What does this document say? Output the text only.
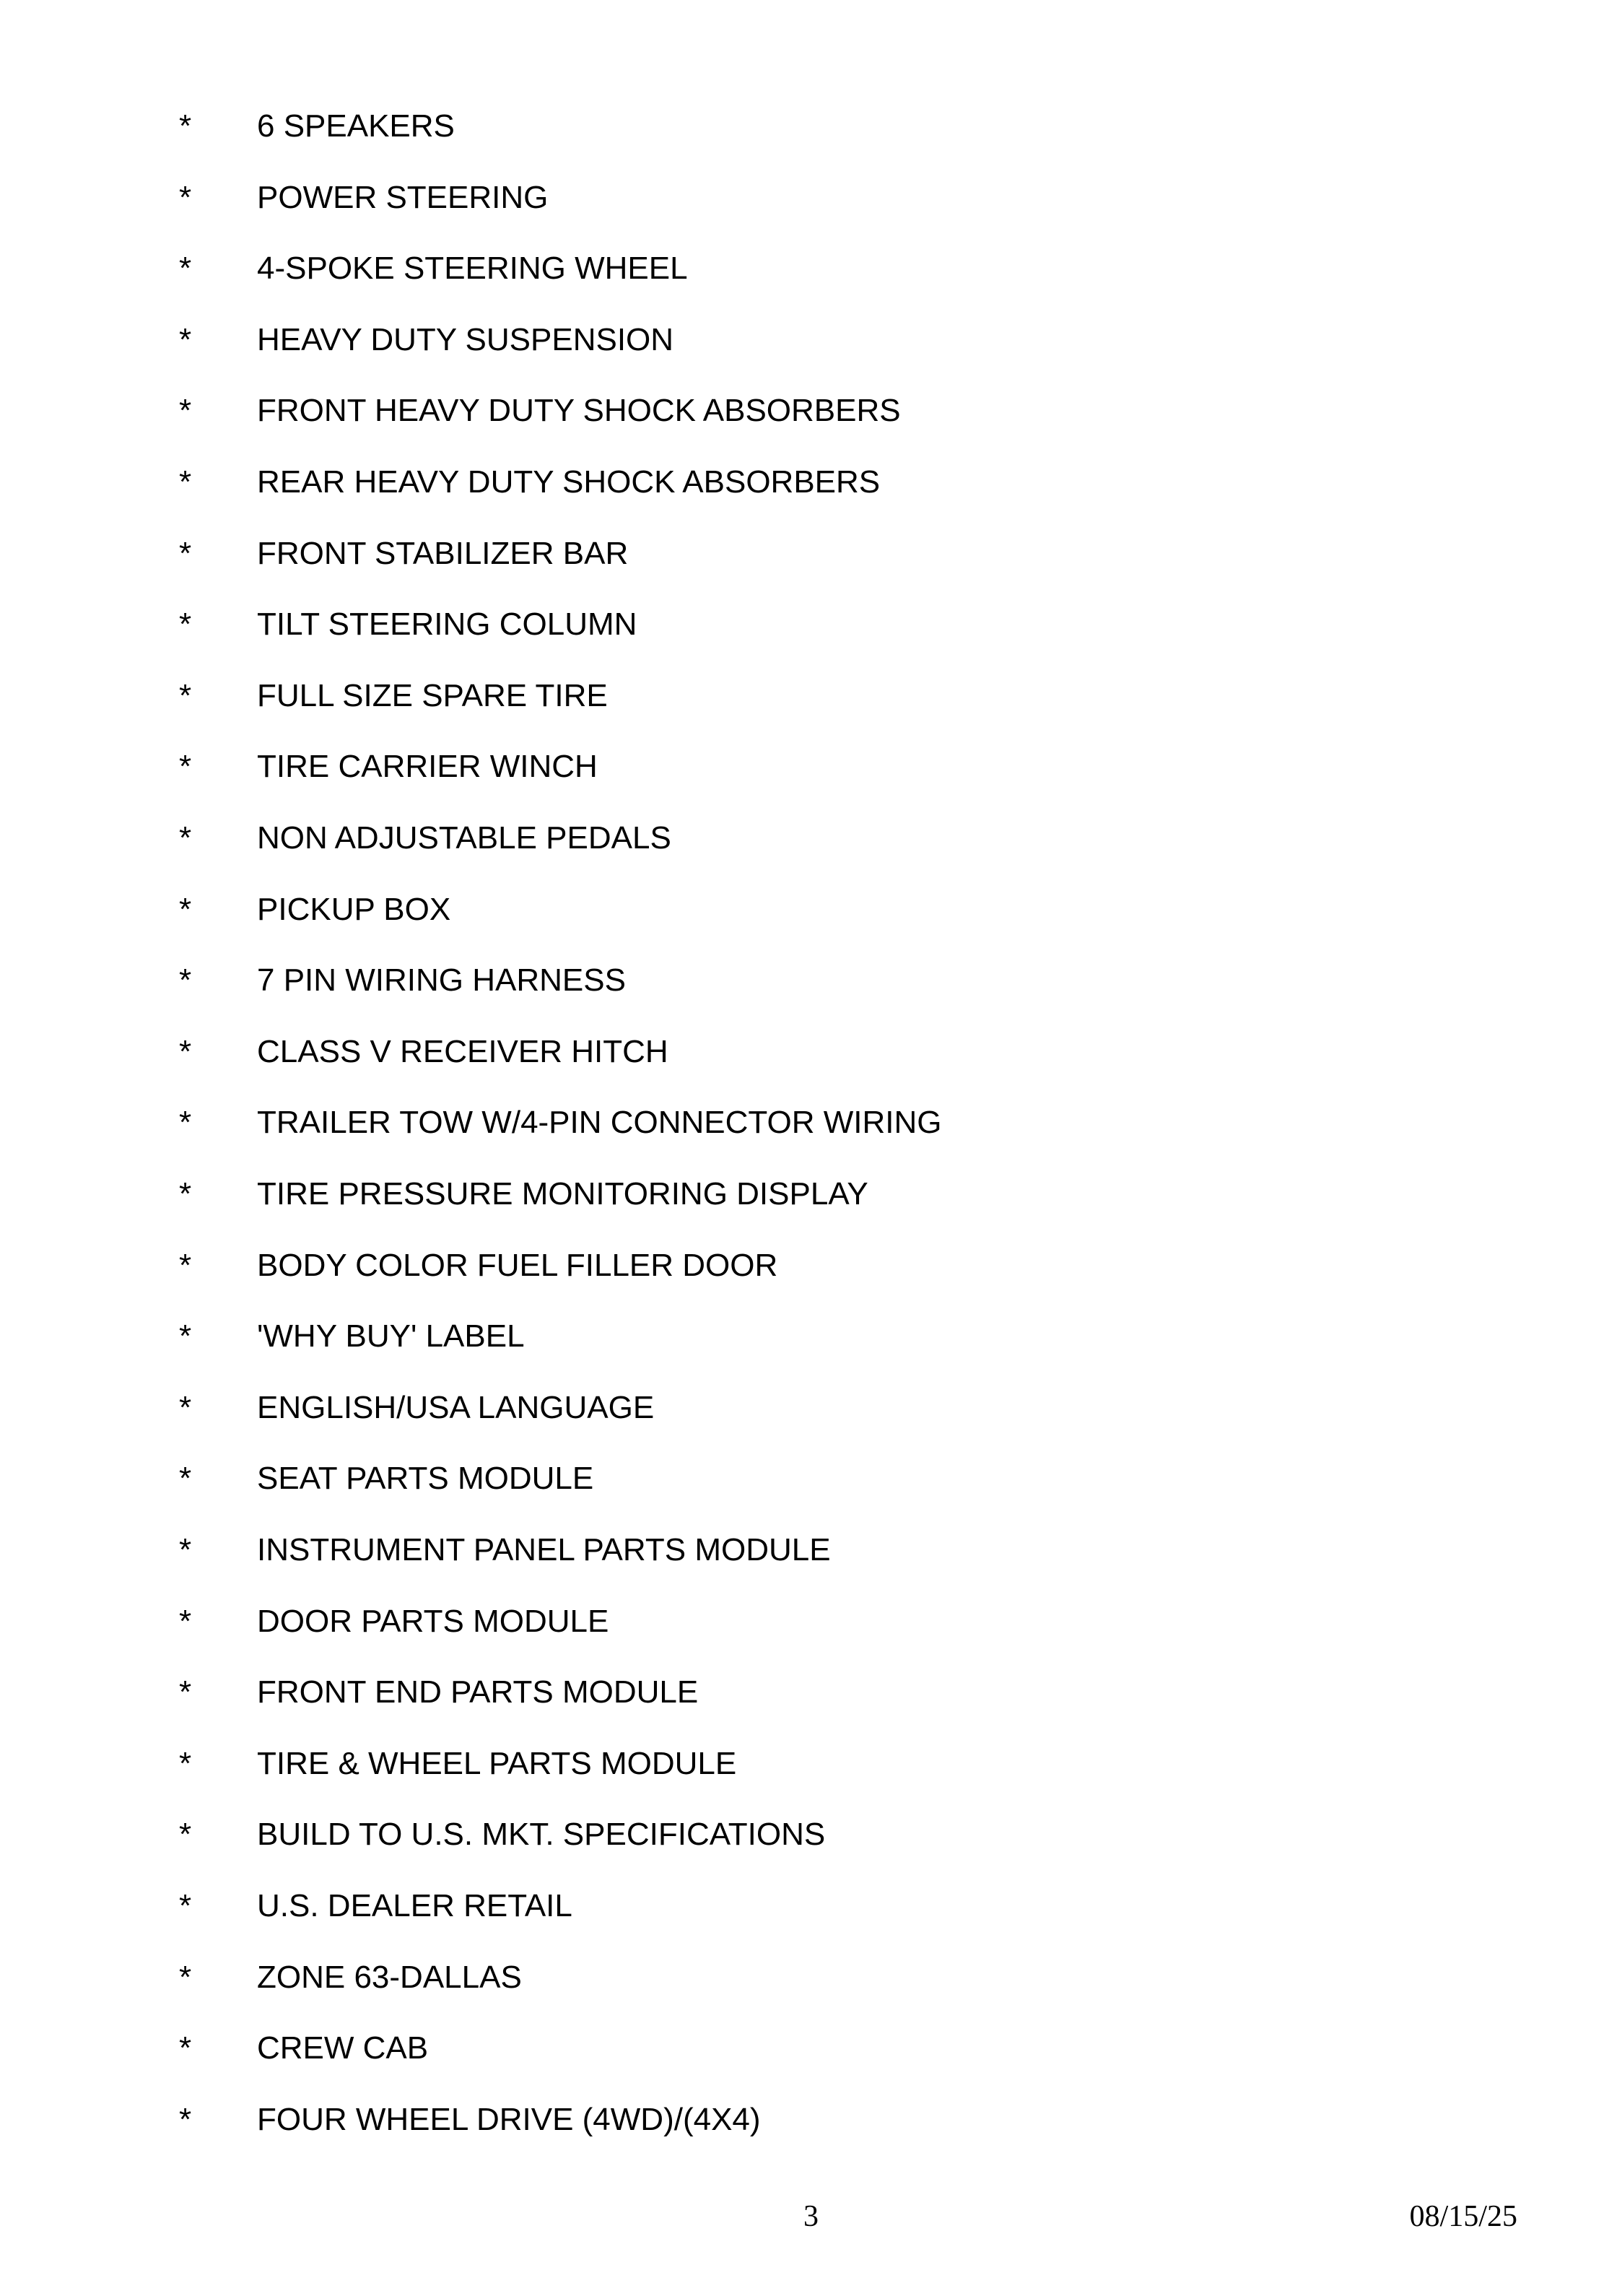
* 6 SPEAKERS
* POWER STEERING
* 4-SPOKE STEERING WHEEL
* HEAVY DUTY SUSPENSION
* FRONT HEAVY DUTY SHOCK ABSORBERS
* REAR HEAVY DUTY SHOCK ABSORBERS
* FRONT STABILIZER BAR
* TILT STEERING COLUMN
* FULL SIZE SPARE TIRE
* TIRE CARRIER WINCH
* NON ADJUSTABLE PEDALS
* PICKUP BOX
* 7 PIN WIRING HARNESS
* CLASS V RECEIVER HITCH
* TRAILER TOW W/4-PIN CONNECTOR WIRING
* TIRE PRESSURE MONITORING DISPLAY
* BODY COLOR FUEL FILLER DOOR
* 'WHY BUY' LABEL
* ENGLISH/USA LANGUAGE
* SEAT PARTS MODULE
* INSTRUMENT PANEL PARTS MODULE
* DOOR PARTS MODULE
* FRONT END PARTS MODULE
* TIRE & WHEEL PARTS MODULE
* BUILD TO U.S. MKT. SPECIFICATIONS
* U.S. DEALER RETAIL
* ZONE 63-DALLAS
* CREW CAB
* FOUR WHEEL DRIVE (4WD)/(4X4)
3	08/15/25
